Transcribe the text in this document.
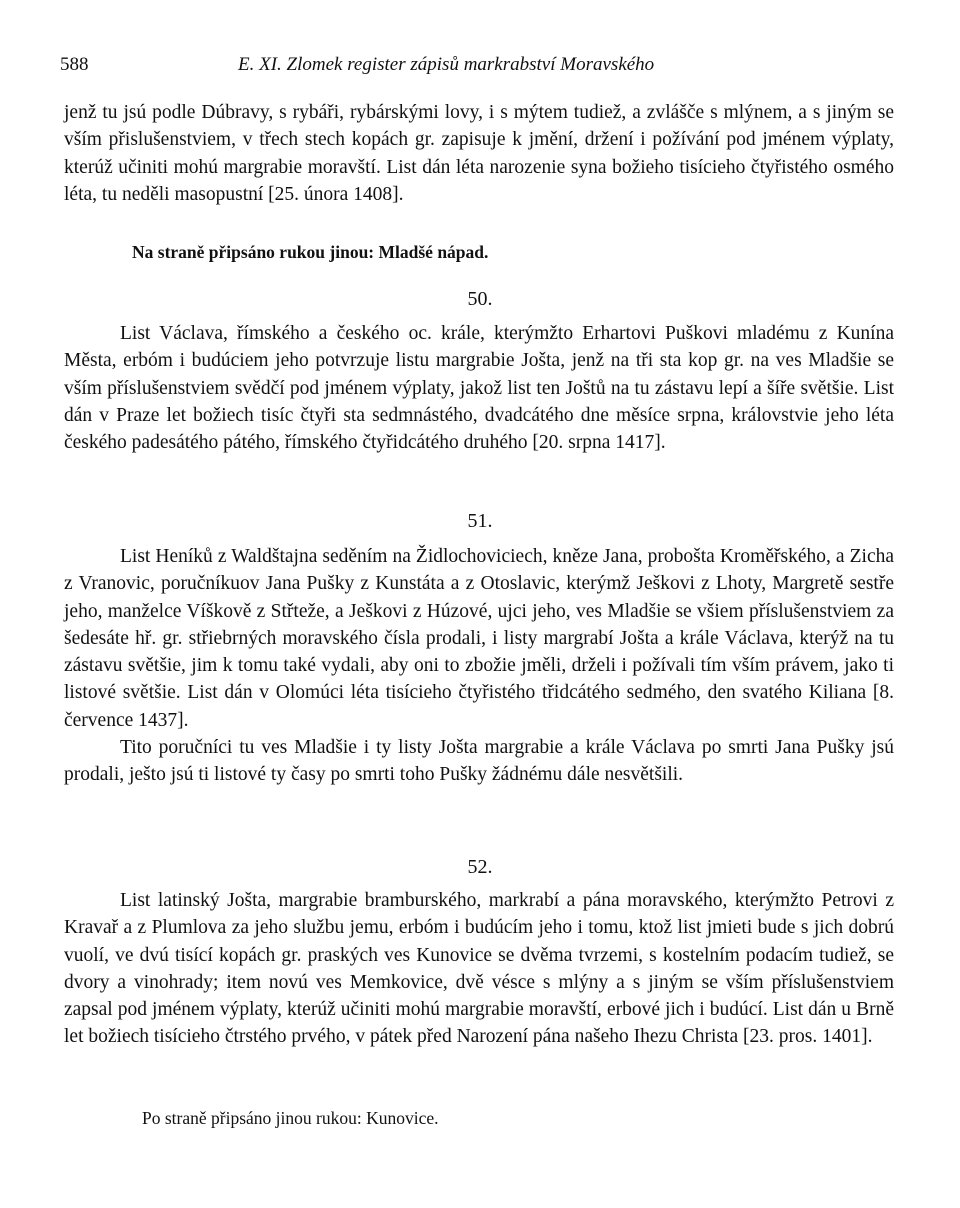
588	E. XI. Zlomek register zápisů markrabství Moravského

jenž tu jsú podle Dúbravy, s rybáři, rybárskými lovy, i s mýtem tudiež, a zvlášče s mlýnem, a s jiným se vším přislušenstviem, v třech stech kopách gr. zapisuje k jmění, držení i požívání pod jménem výplaty, kterúž učiniti mohú margrabie moravští. List dán léta narozenie syna božieho tisícieho čtyřistého osmého léta, tu neděli masopustní [25. února 1408].

Na straně připsáno rukou jinou: Mladšé nápad.
50.

List Václava, římského a českého oc. krále, kterýmžto Erhartovi Puškovi mladému z Kunína Města, erbóm i budúciem jeho potvrzuje listu margrabie Jošta, jenž na tři sta kop gr. na ves Mladšie se vším příslušenstviem svědčí pod jménem výplaty, jakož list ten Joštů na tu zástavu lepí a šíře světšie. List dán v Praze let božiech tisíc čtyři sta sedmnástého, dvadcátého dne měsíce srpna, královstvie jeho léta českého padesátého pátého, římského čtyřidcátého druhého [20. srpna 1417].

51.

List Heníků z Waldštajna seděním na Židlochoviciech, kněze Jana, proboštа Kroměřského, a Zicha z Vranovic, poručníkuov Jana Pušky z Kunstáta a z Otoslavic, kterýmž Ješkovi z Lhoty, Margretě sestře jeho, manželce Víškově z Střteže, a Ješkovi z Húzové, ujci jeho, ves Mladšie se všiem příslušenstviem za šedesáte hř. gr. střiebrných moravského čísla prodali, i listy margrabí Jošta a krále Václava, kterýž na tu zástavu světšie, jim k tomu také vydali, aby oni to zbožie jměli, drželi i požívali tím vším právem, jako ti listové světšie. List dán v Olomúci léta tisícieho čtyřistého třidcátého sedmého, den svatého Kiliana [8. července 1437].

Tito poručníci tu ves Mladšie i ty listy Jošta margrabie a krále Václava po smrti Jana Pušky jsú prodali, ješto jsú ti listové ty časy po smrti toho Pušky žádnému dále nesvětšili.

52.

List latinský Jošta, margrabie bramburského, markrabí a pána moravského, kterýmžto Petrovi z Kravař a z Plumlova za jeho službu jemu, erbóm i budúcím jeho i tomu, ktož list jmieti bude s jich dobrú vuolí, ve dvú tisící kopách gr. praských ves Kunovice se dvěma tvrzemi, s kostelním podacím tudiež, se dvory a vinohrady; item novú ves Memkovice, dvě vésce s mlýny a s jiným se vším příslušenstviem zapsal pod jménem výplaty, kterúž učiniti mohú margrabie moravští, erbové jich i budúcí. List dán u Brně let božiech tisícieho čtrstého prvého, v pátek před Narození pána našeho Ihezu Christa [23. pros. 1401].

Po straně připsáno jinou rukou: Kunovice.
